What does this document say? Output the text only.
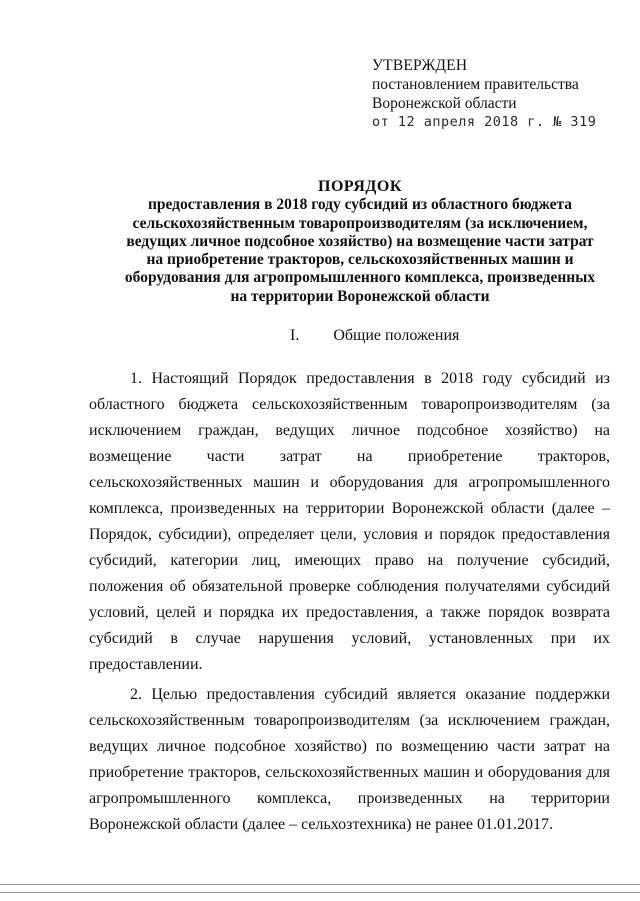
УТВЕРЖДЕН
постановлением правительства
Воронежской области
от 12 апреля 2018 г. № 319
ПОРЯДОК
предоставления в 2018 году субсидий из областного бюджета
сельскохозяйственным товаропроизводителям (за исключением,
ведущих личное подсобное хозяйство) на возмещение части затрат
на приобретение тракторов, сельскохозяйственных машин и
оборудования для агропромышленного комплекса, произведенных
на территории Воронежской области
I. Общие положения

1. Настоящий Порядок предоставления в 2018 году субсидий из областного бюджета сельскохозяйственным товаропроизводителям (за исключением граждан, ведущих личное подсобное хозяйство) на возмещение части затрат на приобретение тракторов, сельскохозяйственных машин и оборудования для агропромышленного комплекса, произведенных на территории Воронежской области (далее – Порядок, субсидии), определяет цели, условия и порядок предоставления субсидий, категории лиц, имеющих право на получение субсидий, положения об обязательной проверке соблюдения получателями субсидий условий, целей и порядка их предоставления, а также порядок возврата субсидий в случае нарушения условий, установленных при их предоставлении.

2. Целью предоставления субсидий является оказание поддержки сельскохозяйственным товаропроизводителям (за исключением граждан, ведущих личное подсобное хозяйство) по возмещению части затрат на приобретение тракторов, сельскохозяйственных машин и оборудования для агропромышленного комплекса, произведенных на территории Воронежской области (далее – сельхозтехника) не ранее 01.01.2017.
